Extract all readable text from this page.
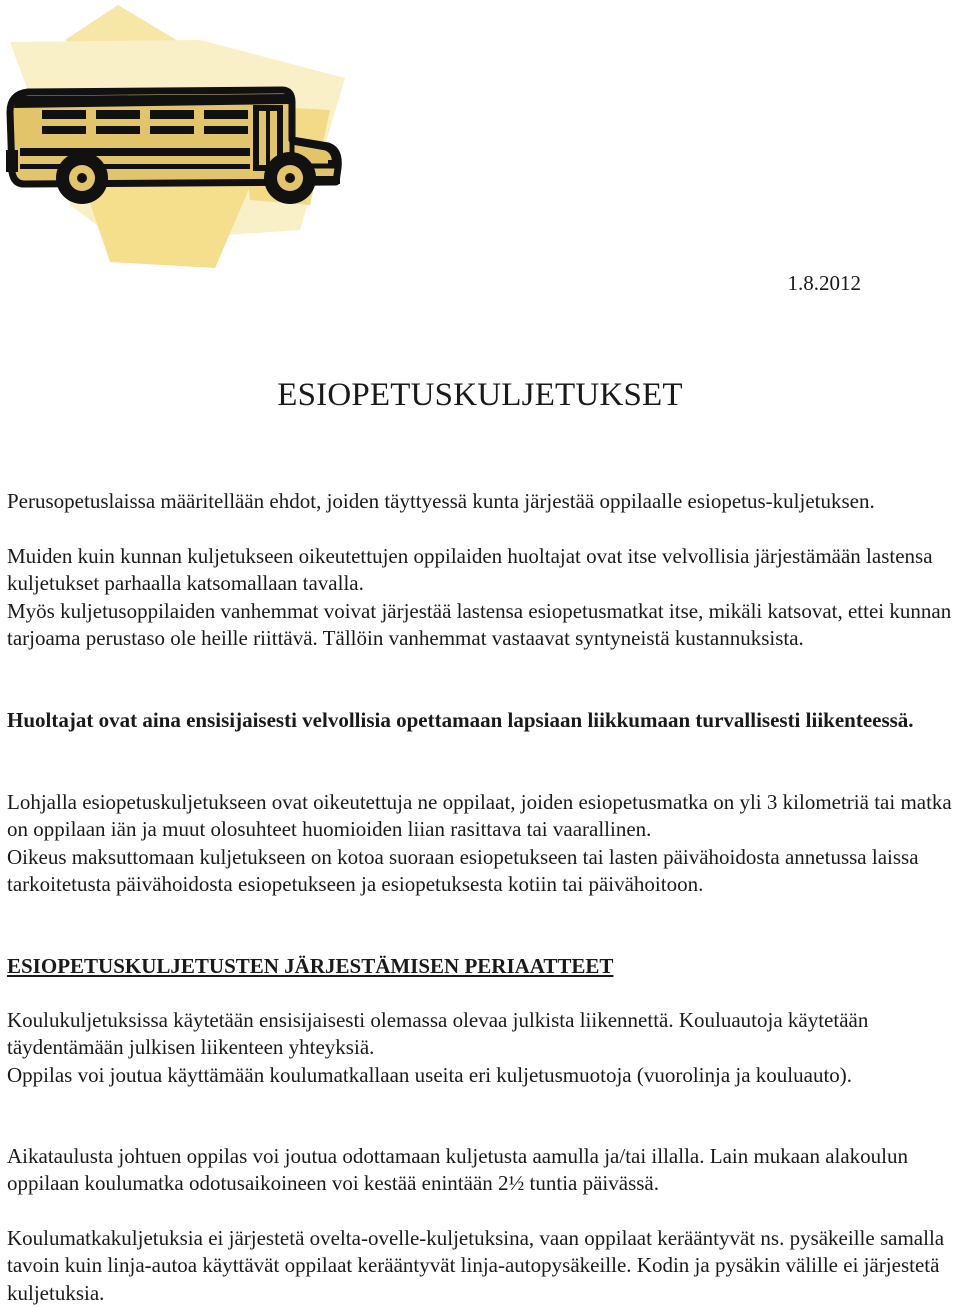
1.8.2012
ESIOPETUSKULJETUKSET

Perusopetuslaissa määritellään ehdot, joiden täyttyessä kunta järjestää oppilaalle esiopetus-kuljetuksen.

Muiden kuin kunnan kuljetukseen oikeutettujen oppilaiden huoltajat ovat itse velvollisia järjestämään lastensa kuljetukset parhaalla katsomallaan tavalla.

Myös kuljetusoppilaiden vanhemmat voivat järjestää lastensa esiopetusmatkat itse, mikäli katsovat, ettei kunnan tarjoama perustaso ole heille riittävä. Tällöin vanhemmat vastaavat syntyneistä kustannuksista.

Huoltajat ovat aina ensisijaisesti velvollisia opettamaan lapsiaan liikkumaan turvallisesti liikenteessä.

Lohjalla esiopetuskuljetukseen ovat oikeutettuja ne oppilaat, joiden esiopetusmatka on yli 3 kilometriä tai matka on oppilaan iän ja muut olosuhteet huomioiden liian rasittava tai vaarallinen.

Oikeus maksuttomaan kuljetukseen on kotoa suoraan esiopetukseen tai lasten päivähoidosta annetussa laissa tarkoitetusta päivähoidosta esiopetukseen ja esiopetuksesta kotiin tai päivähoitoon.

ESIOPETUSKULJETUSTEN JÄRJESTÄMISEN PERIAATTEET

Koulukuljetuksissa käytetään ensisijaisesti olemassa olevaa julkista liikennettä. Kouluautoja käytetään täydentämään julkisen liikenteen yhteyksiä.

Oppilas voi joutua käyttämään koulumatkallaan useita eri kuljetusmuotoja (vuorolinja ja kouluauto).

Aikataulusta johtuen oppilas voi joutua odottamaan kuljetusta aamulla ja/tai illalla. Lain mukaan alakoulun oppilaan koulumatka odotusaikoineen voi kestää enintään 2½ tuntia päivässä.

Koulumatkakuljetuksia ei järjestetä ovelta-ovelle-kuljetuksina, vaan oppilaat kerääntyvät ns. pysäkeille samalla tavoin kuin linja-autoa käyttävät oppilaat kerääntyvät linja-autopysäkeille. Kodin ja pysäkin välille ei järjestetä kuljetuksia.
